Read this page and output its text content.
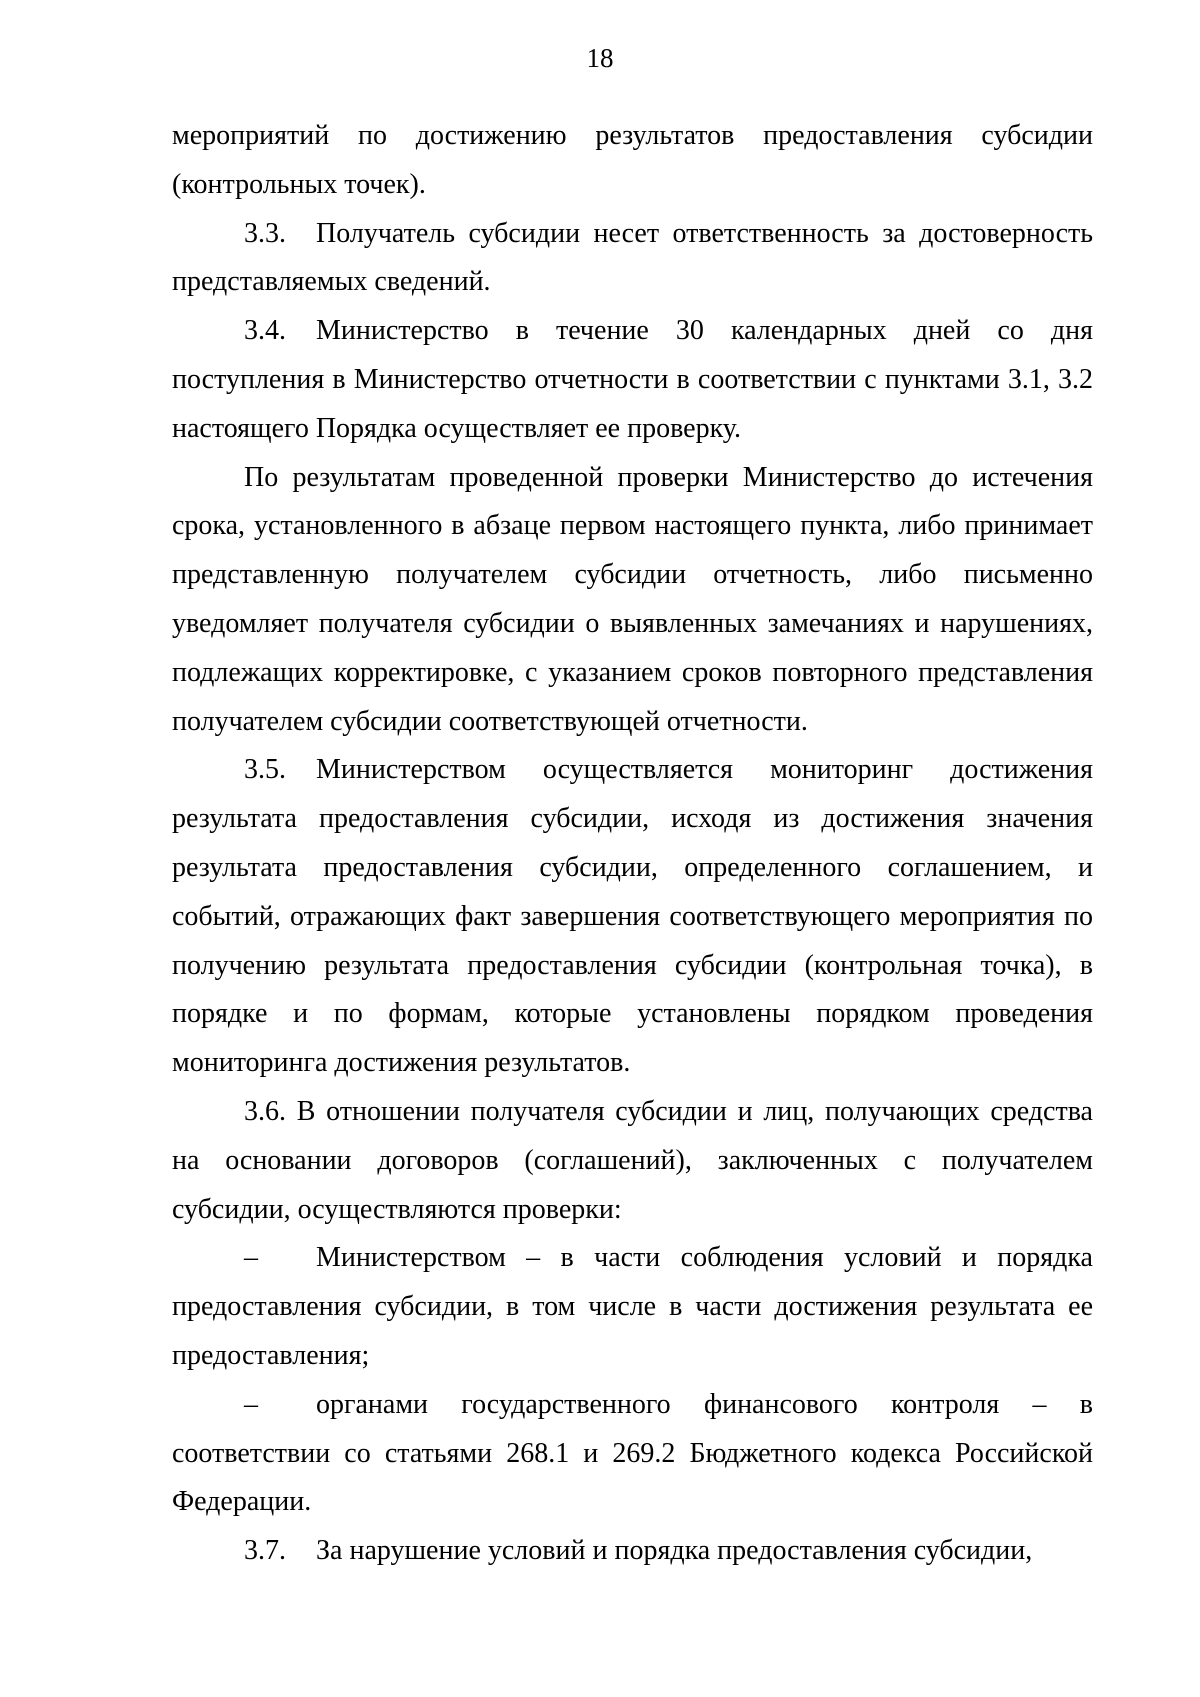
18

мероприятий по достижению результатов предоставления субсидии (контрольных точек).

3.3. Получатель субсидии несет ответственность за достоверность представляемых сведений.

3.4. Министерство в течение 30 календарных дней со дня поступления в Министерство отчетности в соответствии с пунктами 3.1, 3.2 настоящего Порядка осуществляет ее проверку.

По результатам проведенной проверки Министерство до истечения срока, установленного в абзаце первом настоящего пункта, либо принимает представленную получателем субсидии отчетность, либо письменно уведомляет получателя субсидии о выявленных замечаниях и нарушениях, подлежащих корректировке, с указанием сроков повторного представления получателем субсидии соответствующей отчетности.

3.5. Министерством осуществляется мониторинг достижения результата предоставления субсидии, исходя из достижения значения результата предоставления субсидии, определенного соглашением, и событий, отражающих факт завершения соответствующего мероприятия по получению результата предоставления субсидии (контрольная точка), в порядке и по формам, которые установлены порядком проведения мониторинга достижения результатов.

3.6. В отношении получателя субсидии и лиц, получающих средства на основании договоров (соглашений), заключенных с получателем субсидии, осуществляются проверки:

– Министерством – в части соблюдения условий и порядка предоставления субсидии, в том числе в части достижения результата ее предоставления;

– органами государственного финансового контроля – в соответствии со статьями 268.1 и 269.2 Бюджетного кодекса Российской Федерации.

3.7. За нарушение условий и порядка предоставления субсидии,
